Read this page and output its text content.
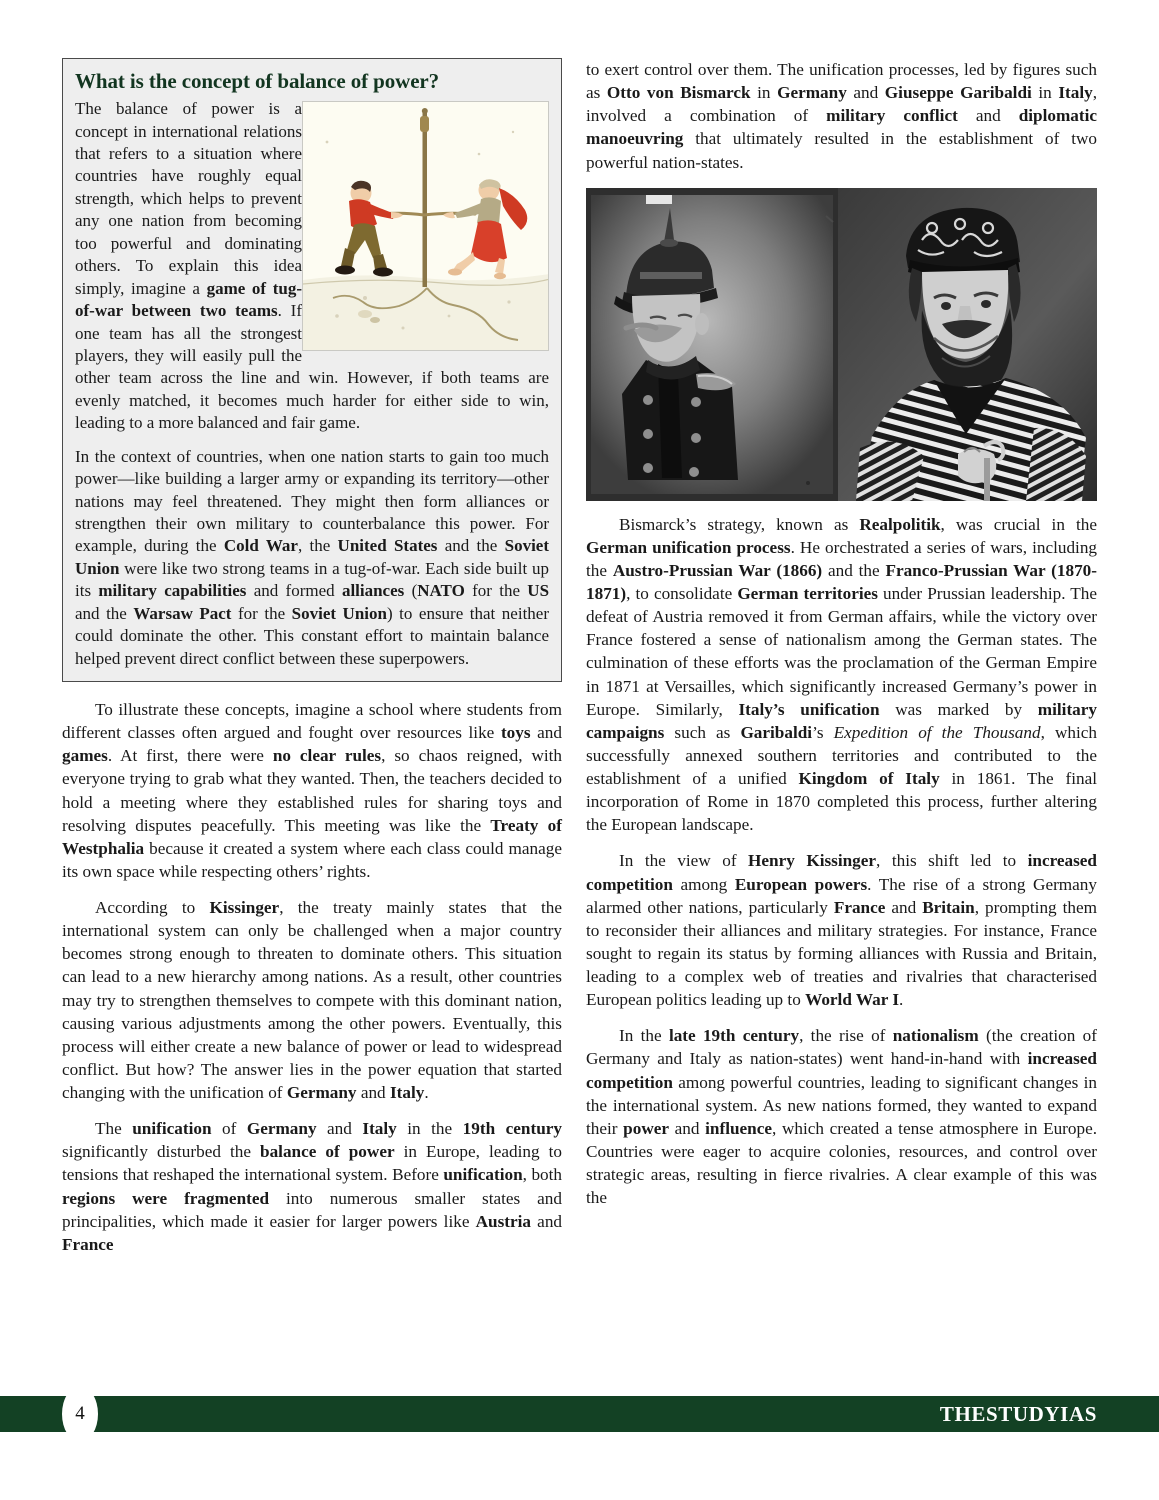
What is the concept of balance of power?

The balance of power is a concept in international relations that refers to a situation where countries have roughly equal strength, which helps to prevent any one nation from becoming too powerful and dominating others. To explain this idea simply, imagine a game of tug-of-war between two teams. If one team has all the strongest players, they will easily pull the other team across the line and win. However, if both teams are evenly matched, it becomes much harder for either side to win, leading to a more balanced and fair game.

In the context of countries, when one nation starts to gain too much power—like building a larger army or expanding its territory—other nations may feel threatened. They might then form alliances or strengthen their own military to counterbalance this power. For example, during the Cold War, the United States and the Soviet Union were like two strong teams in a tug-of-war. Each side built up its military capabilities and formed alliances (NATO for the US and the Warsaw Pact for the Soviet Union) to ensure that neither could dominate the other. This constant effort to maintain balance helped prevent direct conflict between these superpowers.

To illustrate these concepts, imagine a school where students from different classes often argued and fought over resources like toys and games. At first, there were no clear rules, so chaos reigned, with everyone trying to grab what they wanted. Then, the teachers decided to hold a meeting where they established rules for sharing toys and resolving disputes peacefully. This meeting was like the Treaty of Westphalia because it created a system where each class could manage its own space while respecting others’ rights.

According to Kissinger, the treaty mainly states that the international system can only be challenged when a major country becomes strong enough to threaten to dominate others. This situation can lead to a new hierarchy among nations. As a result, other countries may try to strengthen themselves to compete with this dominant nation, causing various adjustments among the other powers. Eventually, this process will either create a new balance of power or lead to widespread conflict. But how? The answer lies in the power equation that started changing with the unification of Germany and Italy.

The unification of Germany and Italy in the 19th century significantly disturbed the balance of power in Europe, leading to tensions that reshaped the international system. Before unification, both regions were fragmented into numerous smaller states and principalities, which made it easier for larger powers like Austria and France

to exert control over them. The unification processes, led by figures such as Otto von Bismarck in Germany and Giuseppe Garibaldi in Italy, involved a combination of military conflict and diplomatic manoeuvring that ultimately resulted in the establishment of two powerful nation-states.

Bismarck’s strategy, known as Realpolitik, was crucial in the German unification process. He orchestrated a series of wars, including the Austro-Prussian War (1866) and the Franco-Prussian War (1870-1871), to consolidate German territories under Prussian leadership. The defeat of Austria removed it from German affairs, while the victory over France fostered a sense of nationalism among the German states. The culmination of these efforts was the proclamation of the German Empire in 1871 at Versailles, which significantly increased Germany’s power in Europe. Similarly, Italy’s unification was marked by military campaigns such as Garibaldi’s Expedition of the Thousand, which successfully annexed southern territories and contributed to the establishment of a unified Kingdom of Italy in 1861. The final incorporation of Rome in 1870 completed this process, further altering the European landscape.

In the view of Henry Kissinger, this shift led to increased competition among European powers. The rise of a strong Germany alarmed other nations, particularly France and Britain, prompting them to reconsider their alliances and military strategies. For instance, France sought to regain its status by forming alliances with Russia and Britain, leading to a complex web of treaties and rivalries that characterised European politics leading up to World War I.

In the late 19th century, the rise of nationalism (the creation of Germany and Italy as nation-states) went hand-in-hand with increased competition among powerful countries, leading to significant changes in the international system. As new nations formed, they wanted to expand their power and influence, which created a tense atmosphere in Europe. Countries were eager to acquire colonies, resources, and control over strategic areas, resulting in fierce rivalries. A clear example of this was the

4	THESTUDYIAS
